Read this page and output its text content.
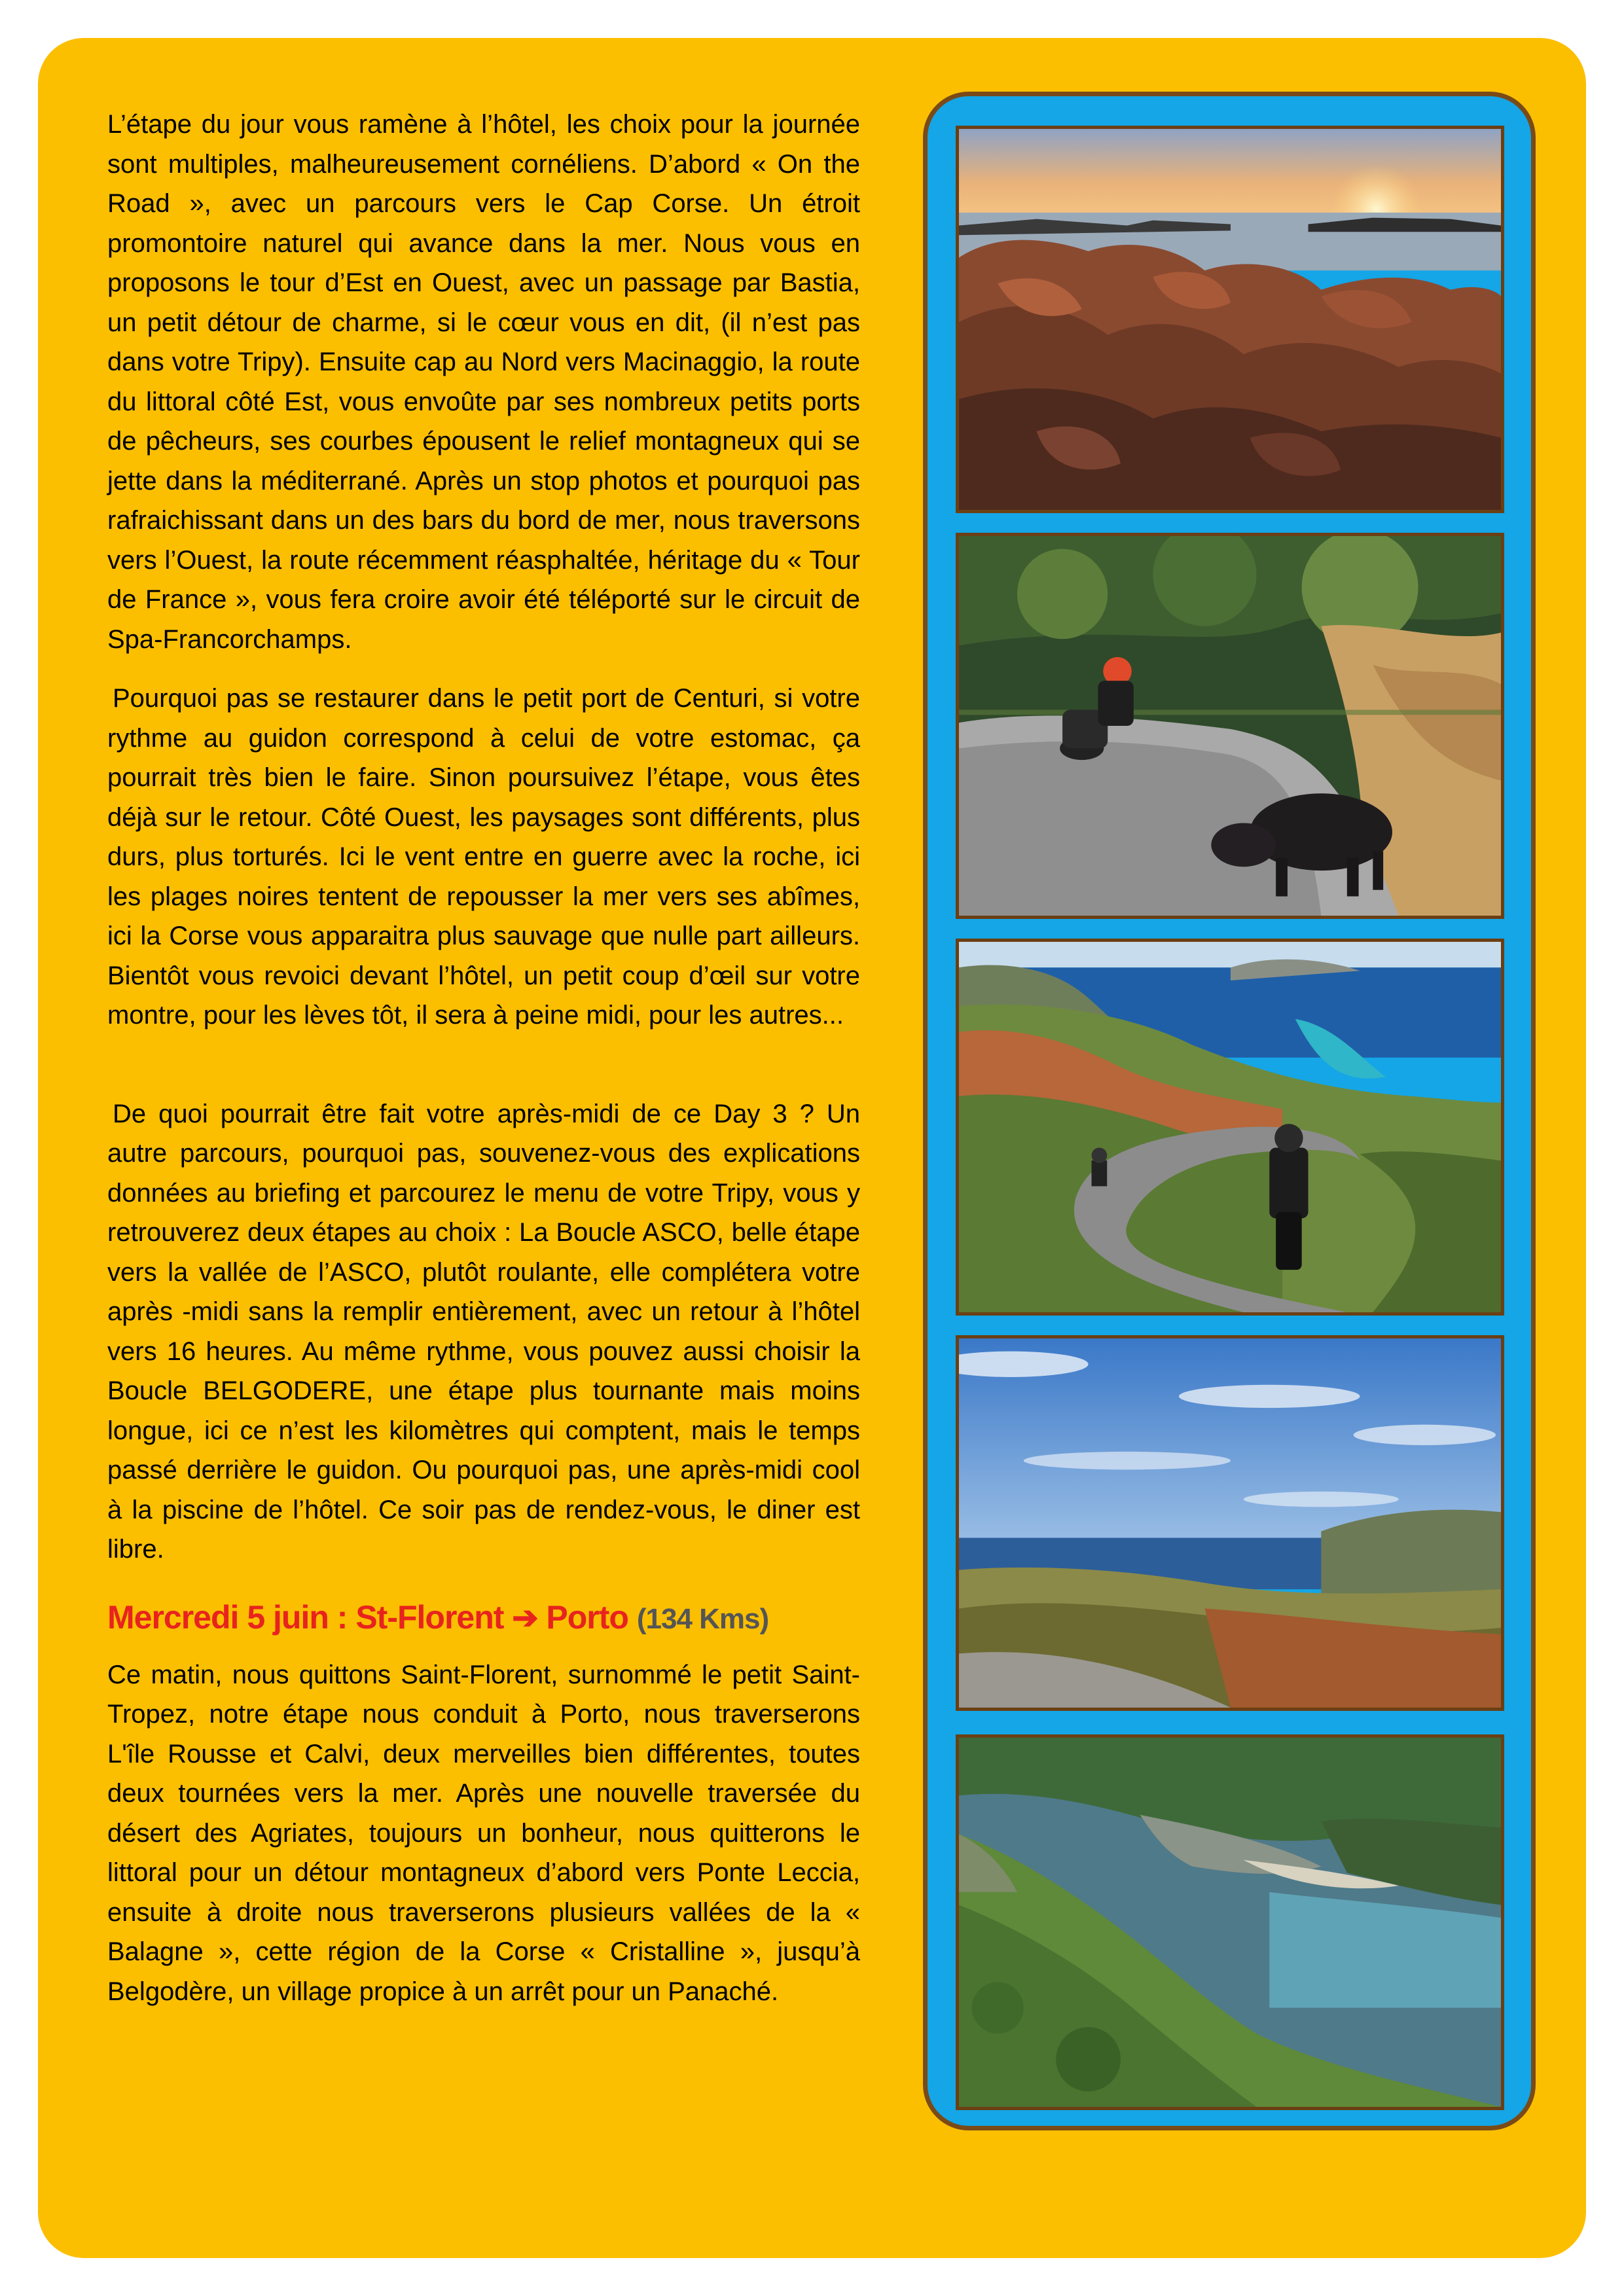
L’étape du jour vous ramène à l’hôtel, les choix pour la journée sont multiples, malheureusement cornéliens. D’abord « On the Road », avec un parcours vers le Cap Corse. Un étroit promontoire naturel qui avance dans la mer. Nous vous en proposons le tour d’Est en Ouest, avec un passage par Bastia, un petit détour de charme, si le cœur vous en dit, (il n’est pas dans votre Tripy). Ensuite cap au Nord vers Macinaggio, la route du littoral côté Est, vous envoûte par ses nombreux petits ports de pêcheurs, ses courbes épousent le relief montagneux qui se jette dans la méditerrané. Après un stop photos et pourquoi pas rafraichissant dans un des bars du bord de mer, nous traversons vers l’Ouest, la route récemment réasphaltée, héritage du « Tour de France », vous fera croire avoir été téléporté sur le circuit de Spa-Francorchamps.

Pourquoi pas se restaurer dans le petit port de Centuri, si votre rythme au guidon correspond à celui de votre estomac, ça pourrait très bien le faire. Sinon poursuivez l’étape, vous êtes déjà sur le retour. Côté Ouest, les paysages sont différents, plus durs, plus torturés. Ici le vent entre en guerre avec la roche, ici les plages noires tentent de repousser la mer vers ses abîmes, ici la Corse vous apparaitra plus sauvage que nulle part ailleurs. Bientôt vous revoici devant l’hôtel, un petit coup d’œil sur votre montre, pour les lèves tôt, il sera à peine midi, pour les autres...

De quoi pourrait être fait votre après-midi de ce Day 3 ? Un autre parcours, pourquoi pas, souvenez-vous des explications données au briefing et parcourez le menu de votre Tripy, vous y retrouverez deux étapes au choix : La Boucle ASCO, belle étape vers la vallée de l’ASCO, plutôt roulante, elle complétera votre après -midi sans la remplir entièrement, avec un retour à l’hôtel vers 16 heures. Au même rythme, vous pouvez aussi choisir la Boucle BELGODERE, une étape plus tournante mais moins longue, ici ce n’est les kilomètres qui comptent, mais le temps passé derrière le guidon. Ou pourquoi pas, une après-midi cool à la piscine de l’hôtel. Ce soir pas de rendez-vous, le diner est libre.

Mercredi 5 juin : St-Florent ➔ Porto (134 Kms)

Ce matin, nous quittons Saint-Florent, surnommé le petit Saint-Tropez, notre étape nous conduit à Porto, nous traverserons L'île Rousse et Calvi, deux merveilles bien différentes, toutes deux tournées vers la mer. Après une nouvelle traversée du désert des Agriates, toujours un bonheur, nous quitterons le littoral pour un détour montagneux d’abord vers Ponte Leccia, ensuite à droite nous traverserons plusieurs vallées de la « Balagne », cette région de la Corse « Cristalline », jusqu’à Belgodère, un village propice à un arrêt pour un Panaché.
